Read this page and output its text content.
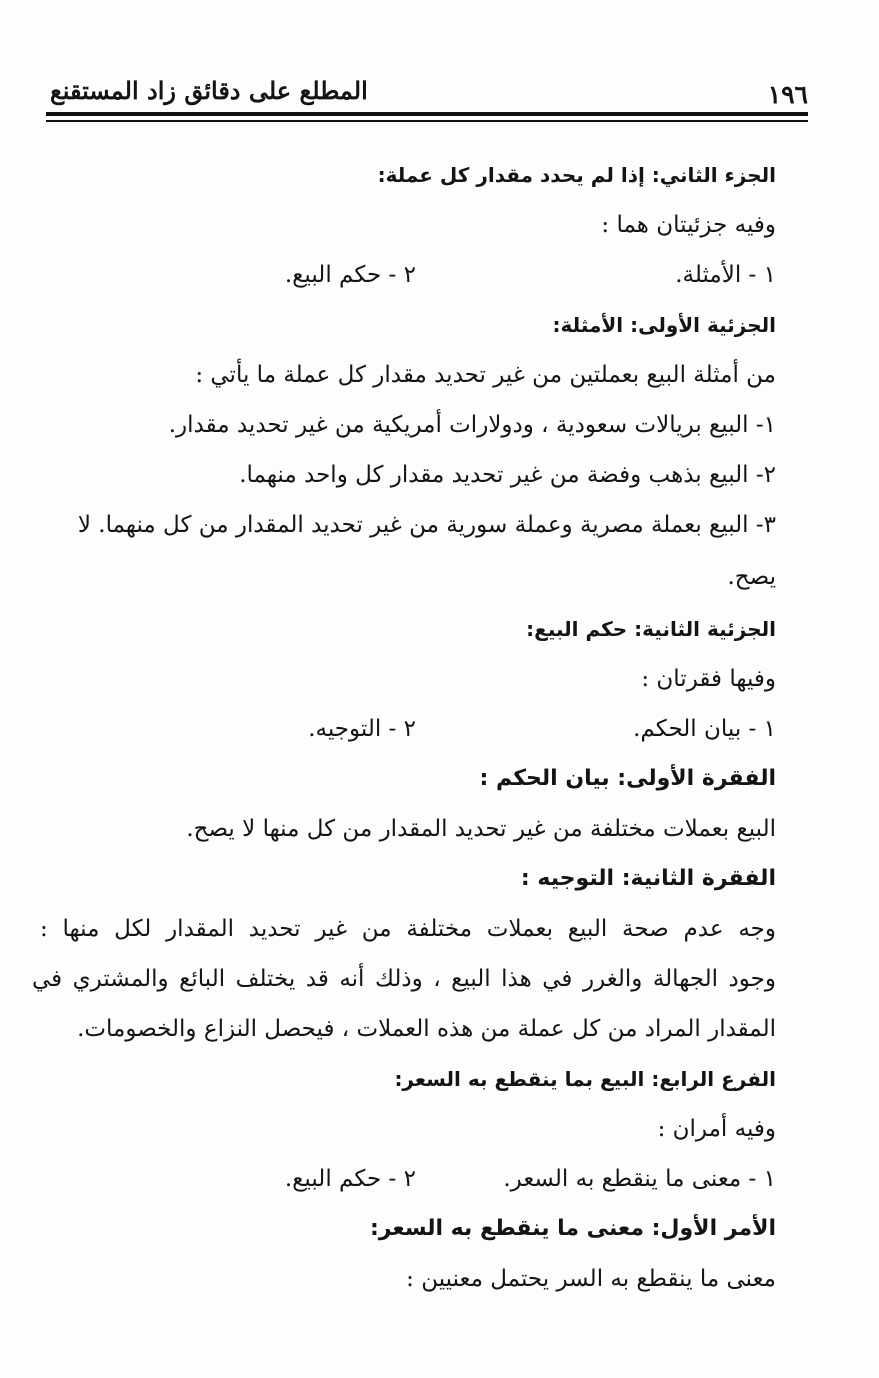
١٩٦
المطلع على دقائق زاد المستقنع
الجزء الثاني: إذا لم يحدد مقدار كل عملة:
وفيه جزئيتان هما :
١ - الأمثلة.
٢ - حكم البيع.
الجزئية الأولى: الأمثلة:
من أمثلة البيع بعملتين من غير تحديد مقدار كل عملة ما يأتي :
١- البيع بريالات سعودية ، ودولارات أمريكية من غير تحديد مقدار.
٢- البيع بذهب وفضة من غير تحديد مقدار كل واحد منهما.
٣- البيع بعملة مصرية وعملة سورية من غير تحديد المقدار من كل منهما. لا
يصح.
الجزئية الثانية: حكم البيع:
وفيها فقرتان :
١ - بيان الحكم.
٢ - التوجيه.
الفقرة الأولى: بيان الحكم :
البيع بعملات مختلفة من غير تحديد المقدار من كل منها لا يصح.
الفقرة الثانية: التوجيه :
وجه عدم صحة البيع بعملات مختلفة من غير تحديد المقدار لكل منها :
وجود الجهالة والغرر في هذا البيع ، وذلك أنه قد يختلف البائع والمشتري في
المقدار المراد من كل عملة من هذه العملات ، فيحصل النزاع والخصومات.
الفرع الرابع: البيع بما ينقطع به السعر:
وفيه أمران :
١ - معنى ما ينقطع به السعر.
٢ - حكم البيع.
الأمر الأول: معنى ما ينقطع به السعر:
معنى ما ينقطع به السر يحتمل معنيين :
